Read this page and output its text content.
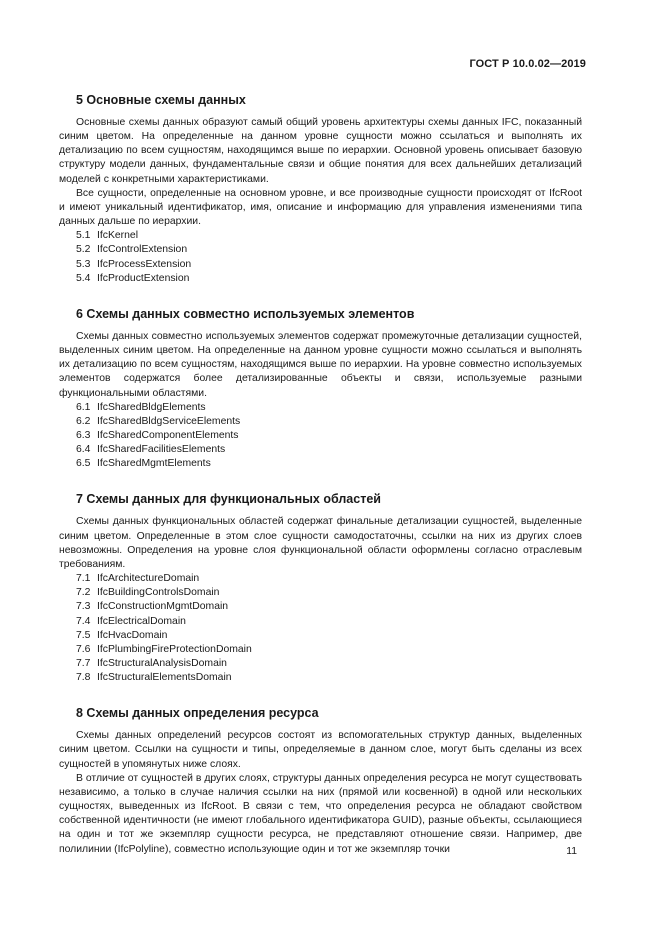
ГОСТ Р 10.0.02—2019
5 Основные схемы данных

Основные схемы данных образуют самый общий уровень архитектуры схемы данных IFC, показанный синим цветом. На определенные на данном уровне сущности можно ссылаться и выполнять их детализацию по всем сущностям, находящимся выше по иерархии. Основной уровень описывает базовую структуру модели данных, фундаментальные связи и общие понятия для всех дальнейших детализаций моделей с конкретными характеристиками.

Все сущности, определенные на основном уровне, и все производные сущности происходят от IfcRoot и имеют уникальный идентификатор, имя, описание и информацию для управления изменениями типа данных дальше по иерархии.

5.1 IfcKernel
5.2 IfcControlExtension
5.3 IfcProcessExtension
5.4 IfcProductExtension
6 Схемы данных совместно используемых элементов

Схемы данных совместно используемых элементов содержат промежуточные детализации сущностей, выделенных синим цветом. На определенные на данном уровне сущности можно ссылаться и выполнять их детализацию по всем сущностям, находящимся выше по иерархии. На уровне совместно используемых элементов содержатся более детализированные объекты и связи, используемые разными функциональными областями.

6.1 IfcSharedBldgElements
6.2 IfcSharedBldgServiceElements
6.3 IfcSharedComponentElements
6.4 IfcSharedFacilitiesElements
6.5 IfcSharedMgmtElements
7 Схемы данных для функциональных областей

Схемы данных функциональных областей содержат финальные детализации сущностей, выделенные синим цветом. Определенные в этом слое сущности самодостаточны, ссылки на них из других слоев невозможны. Определения на уровне слоя функциональной области оформлены согласно отраслевым требованиям.

7.1 IfcArchitectureDomain
7.2 IfcBuildingControlsDomain
7.3 IfcConstructionMgmtDomain
7.4 IfcElectricalDomain
7.5 IfcHvacDomain
7.6 IfcPlumbingFireProtectionDomain
7.7 IfcStructuralAnalysisDomain
7.8 IfcStructuralElementsDomain
8 Схемы данных определения ресурса

Схемы данных определений ресурсов состоят из вспомогательных структур данных, выделенных синим цветом. Ссылки на сущности и типы, определяемые в данном слое, могут быть сделаны из всех сущностей в упомянутых ниже слоях.

В отличие от сущностей в других слоях, структуры данных определения ресурса не могут существовать независимо, а только в случае наличия ссылки на них (прямой или косвенной) в одной или нескольких сущностях, выведенных из IfcRoot. В связи с тем, что определения ресурса не обладают свойством собственной идентичности (не имеют глобального идентификатора GUID), разные объекты, ссылающиеся на один и тот же экземпляр сущности ресурса, не представляют отношение связи. Например, две полилинии (IfcPolyline), совместно использующие один и тот же экземпляр точки	11
